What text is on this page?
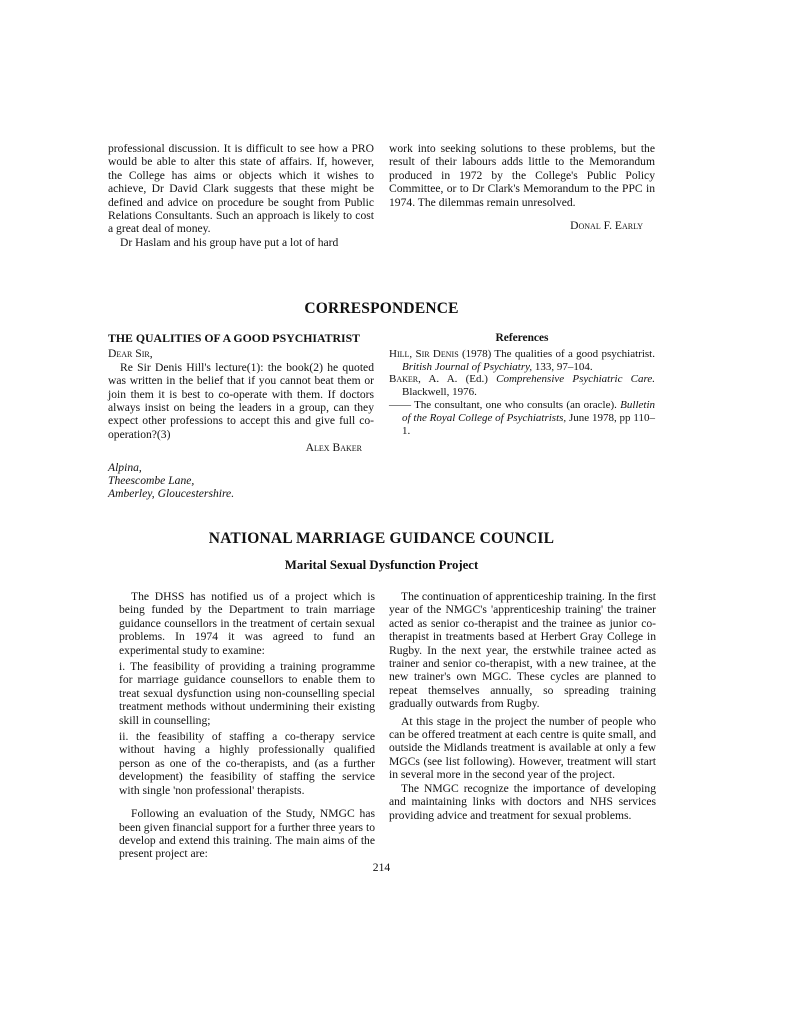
professional discussion. It is difficult to see how a PRO would be able to alter this state of affairs. If, however, the College has aims or objects which it wishes to achieve, Dr David Clark suggests that these might be defined and advice on procedure be sought from Public Relations Consultants. Such an approach is likely to cost a great deal of money.

Dr Haslam and his group have put a lot of hard

work into seeking solutions to these problems, but the result of their labours adds little to the Memorandum produced in 1972 by the College's Public Policy Committee, or to Dr Clark's Memorandum to the PPC in 1974. The dilemmas remain unresolved.

Donal F. Early

CORRESPONDENCE

THE QUALITIES OF A GOOD PSYCHIATRIST

Dear Sir,

Re Sir Denis Hill's lecture(1): the book(2) he quoted was written in the belief that if you cannot beat them or join them it is best to co-operate with them. If doctors always insist on being the leaders in a group, can they expect other professions to accept this and give full co-operation?(3)

Alex Baker

Alpina,

Theescombe Lane,

Amberley, Gloucestershire.

References

Hill, Sir Denis (1978) The qualities of a good psychiatrist. British Journal of Psychiatry, 133, 97–104.

Baker, A. A. (Ed.) Comprehensive Psychiatric Care. Blackwell, 1976.

—— The consultant, one who consults (an oracle). Bulletin of the Royal College of Psychiatrists, June 1978, pp 110–1.

NATIONAL MARRIAGE GUIDANCE COUNCIL
Marital Sexual Dysfunction Project

The DHSS has notified us of a project which is being funded by the Department to train marriage guidance counsellors in the treatment of certain sexual problems. In 1974 it was agreed to fund an experimental study to examine:

i. The feasibility of providing a training programme for marriage guidance counsellors to enable them to treat sexual dysfunction using non-counselling special treatment methods without undermining their existing skill in counselling;

ii. the feasibility of staffing a co-therapy service without having a highly professionally qualified person as one of the co-therapists, and (as a further development) the feasibility of staffing the service with single 'non professional' therapists.

Following an evaluation of the Study, NMGC has been given financial support for a further three years to develop and extend this training. The main aims of the present project are:

The continuation of apprenticeship training. In the first year of the NMGC's 'apprenticeship training' the trainer acted as senior co-therapist and the trainee as junior co-therapist in treatments based at Herbert Gray College in Rugby. In the next year, the erstwhile trainee acted as trainer and senior co-therapist, with a new trainee, at the new trainer's own MGC. These cycles are planned to repeat themselves annually, so spreading training gradually outwards from Rugby.

At this stage in the project the number of people who can be offered treatment at each centre is quite small, and outside the Midlands treatment is available at only a few MGCs (see list following). However, treatment will start in several more in the second year of the project.

The NMGC recognize the importance of developing and maintaining links with doctors and NHS services providing advice and treatment for sexual problems.

214
